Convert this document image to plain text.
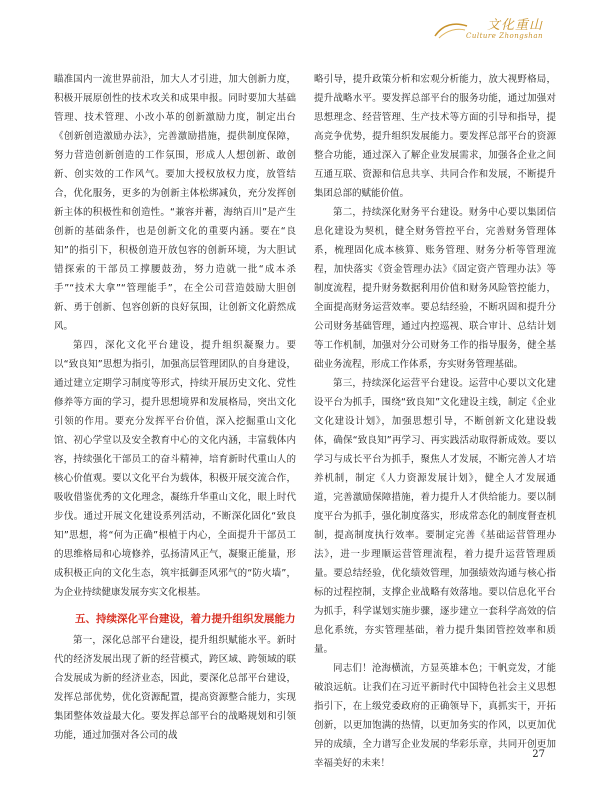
文化重山
Culture Zhongshan

瞄准国内一流世界前沿，加大人才引进，加大创新力度，积极开展原创性的技术攻关和成果申报。同时要加大基础管理、技术管理、小改小革的创新激励力度，制定出台《创新创造激励办法》，完善激励措施，提供制度保障，努力营造创新创造的工作氛围，形成人人想创新、敢创新、创实效的工作风气。要加大授权放权力度，放管结合，优化服务，更多的为创新主体松绑减负，充分发挥创新主体的积极性和创造性。“兼容并蓄，海纳百川”是产生创新的基础条件，也是创新文化的重要内涵。要在“良知”的指引下，积极创造开放包容的创新环境，为大胆试错探索的干部员工撑腰鼓劲，努力造就一批“成本杀手”“技术大拿”“管理能手”，在全公司营造鼓励大胆创新、勇于创新、包容创新的良好氛围，让创新文化蔚然成风。

第四，深化文化平台建设，提升组织凝聚力。要以“致良知”思想为指引，加强高层管理团队的自身建设，通过建立定期学习制度等形式，持续开展历史文化、党性修养等方面的学习，提升思想境界和发展格局，突出文化引领的作用。要充分发挥平台价值，深入挖掘重山文化馆、初心学堂以及安全教育中心的文化内涵，丰富载体内容，持续强化干部员工的奋斗精神，培育新时代重山人的核心价值观。要以文化平台为载体，积极开展交流合作，吸收借鉴优秀的文化理念，凝练升华重山文化，眼上时代步伐。通过开展文化建设系列活动，不断深化固化“致良知”思想，将“何为正确”根植于内心，全面提升干部员工的思维格局和心境修养，弘扬清风正气，凝聚正能量，形成积极正向的文化生态，筑牢抵御歪风邪气的“防火墙”，为企业持续健康发展夯实文化根基。

五、持续深化平台建设，着力提升组织发展能力

第一，深化总部平台建设，提升组织赋能水平。新时代的经济发展出现了新的经营模式，跨区域、跨领域的联合发展成为新的经济业态，因此，要深化总部平台建设，发挥总部优势，优化资源配置，提高资源整合能力，实现集团整体效益最大化。要发挥总部平台的战略规划和引领功能，通过加强对各公司的战

略引导，提升政策分析和宏观分析能力，放大视野格局，提升战略水平。要发挥总部平台的服务功能，通过加强对思想理念、经营管理、生产技术等方面的引导和指导，提高竞争优势，提升组织发展能力。要发挥总部平台的资源整合功能，通过深入了解企业发展需求，加强各企业之间互通互联、资源和信息共享、共同合作和发展，不断提升集团总部的赋能价值。

第二，持续深化财务平台建设。财务中心要以集团信息化建设为契机，健全财务管控平台，完善财务管理体系，梳理固化成本核算、账务管理、财务分析等管理流程，加快落实《资金管理办法》《固定资产管理办法》等制度流程，提升财务数据利用价值和财务风险管控能力，全面提高财务运营效率。要总结经验，不断巩固和提升分公司财务基础管理，通过内控巡视、联合审计、总结计划等工作机制，加强对分公司财务工作的指导服务，健全基础业务流程，形成工作体系，夯实财务管理基础。

第三，持续深化运营平台建设。运营中心要以文化建设平台为抓手，围绕“致良知”文化建设主线，制定《企业文化建设计划》，加强思想引导，不断创新文化建设载体，确保“致良知”再学习、再实践活动取得新成效。要以学习与成长平台为抓手，聚焦人才发展，不断完善人才培养机制，制定《人力资源发展计划》，健全人才发展通道，完善激励保障措施，着力提升人才供给能力。要以制度平台为抓手，强化制度落实，形成常态化的制度督查机制，提高制度执行效率。要制定完善《基础运营管理办法》，进一步理顺运营管理流程，着力提升运营管理质量。要总结经验，优化绩效管理，加强绩效沟通与核心指标的过程控制，支撑企业战略有效落地。要以信息化平台为抓手，科学谋划实施步骤，逐步建立一套科学高效的信息化系统，夯实管理基础，着力提升集团管控效率和质量。

同志们！沧海横流，方显英雄本色；干帆竞发，才能破浪远航。让我们在习近平新时代中国特色社会主义思想指引下，在上级党委政府的正确领导下，真抓实干，开拓创新，以更加饱满的热情，以更加务实的作风，以更加优异的成绩，全力谱写企业发展的华彩乐章，共同开创更加幸福美好的未来！

27
